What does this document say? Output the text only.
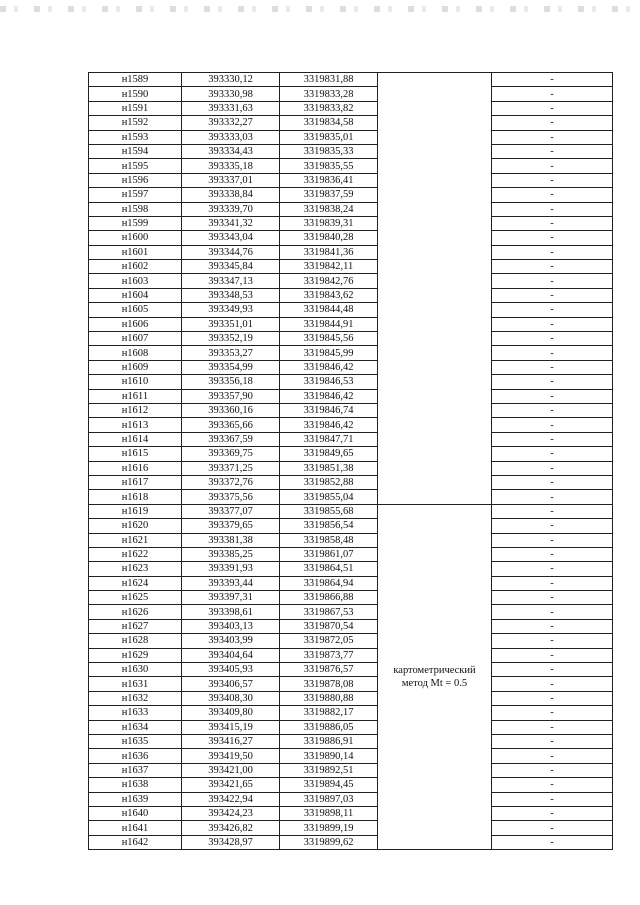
н1589	393330,12	3319831,88		-
н1590	393330,98	3319833,28		-
н1591	393331,63	3319833,82		-
н1592	393332,27	3319834,58		-
н1593	393333,03	3319835,01		-
н1594	393334,43	3319835,33		-
н1595	393335,18	3319835,55		-
н1596	393337,01	3319836,41		-
н1597	393338,84	3319837,59		-
н1598	393339,70	3319838,24		-
н1599	393341,32	3319839,31		-
н1600	393343,04	3319840,28		-
н1601	393344,76	3319841,36		-
н1602	393345,84	3319842,11		-
н1603	393347,13	3319842,76		-
н1604	393348,53	3319843,62		-
н1605	393349,93	3319844,48		-
н1606	393351,01	3319844,91		-
н1607	393352,19	3319845,56		-
н1608	393353,27	3319845,99		-
н1609	393354,99	3319846,42		-
н1610	393356,18	3319846,53		-
н1611	393357,90	3319846,42		-
н1612	393360,16	3319846,74		-
н1613	393365,66	3319846,42		-
н1614	393367,59	3319847,71		-
н1615	393369,75	3319849,65		-
н1616	393371,25	3319851,38		-
н1617	393372,76	3319852,88		-
н1618	393375,56	3319855,04		-
н1619	393377,07	3319855,68	картометрический
метод Mt = 0.5	-
н1620	393379,65	3319856,54		-
н1621	393381,38	3319858,48		-
н1622	393385,25	3319861,07		-
н1623	393391,93	3319864,51		-
н1624	393393,44	3319864,94		-
н1625	393397,31	3319866,88		-
н1626	393398,61	3319867,53		-
н1627	393403,13	3319870,54		-
н1628	393403,99	3319872,05		-
н1629	393404,64	3319873,77		-
н1630	393405,93	3319876,57		-
н1631	393406,57	3319878,08		-
н1632	393408,30	3319880,88		-
н1633	393409,80	3319882,17		-
н1634	393415,19	3319886,05		-
н1635	393416,27	3319886,91		-
н1636	393419,50	3319890,14		-
н1637	393421,00	3319892,51		-
н1638	393421,65	3319894,45		-
н1639	393422,94	3319897,03		-
н1640	393424,23	3319898,11		-
н1641	393426,82	3319899,19		-
н1642	393428,97	3319899,62		-
